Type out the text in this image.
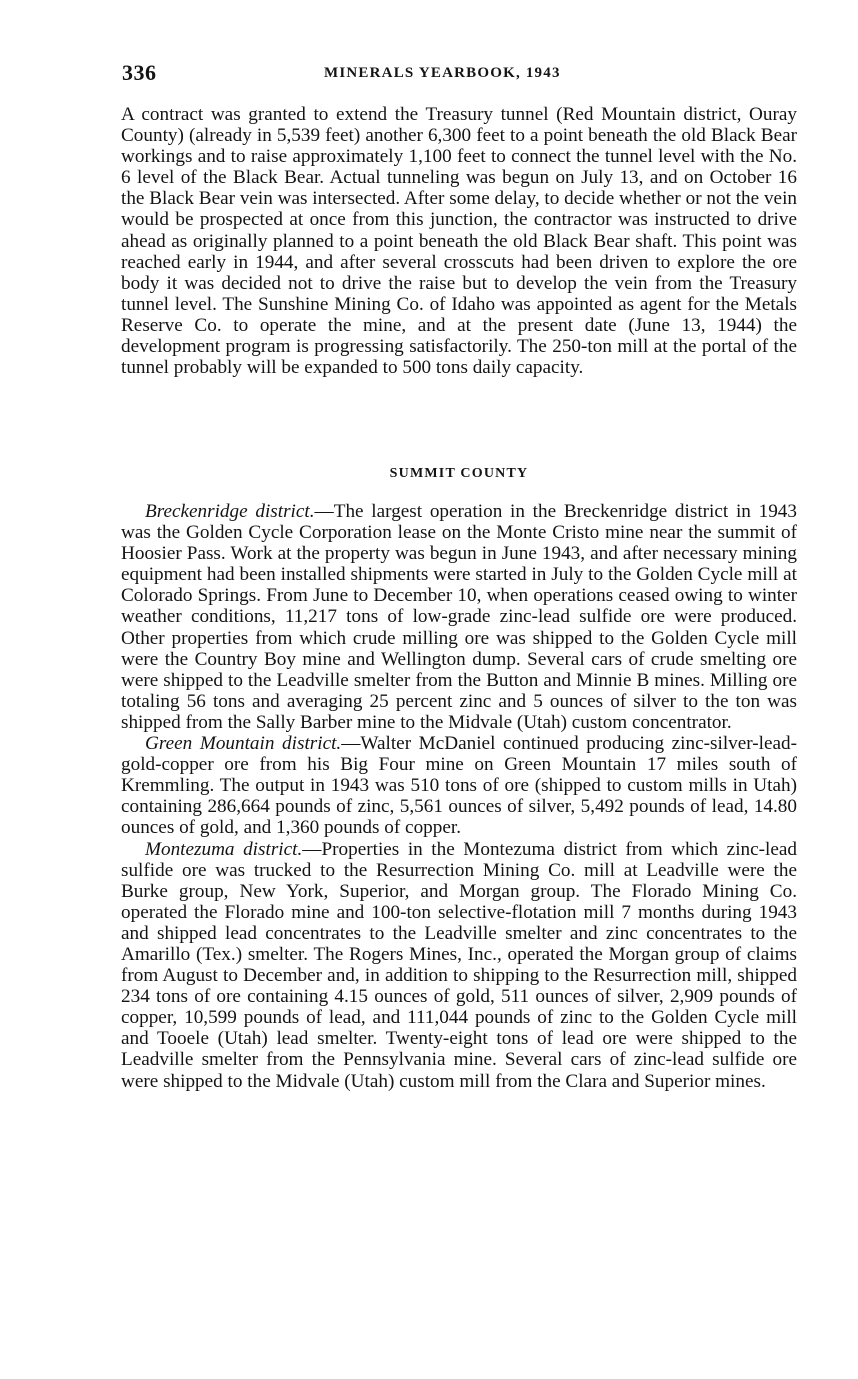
336	MINERALS YEARBOOK, 1943

A contract was granted to extend the Treasury tunnel (Red Mountain district, Ouray County) (already in 5,539 feet) another 6,300 feet to a point beneath the old Black Bear workings and to raise approximately 1,100 feet to connect the tunnel level with the No. 6 level of the Black Bear. Actual tunneling was begun on July 13, and on October 16 the Black Bear vein was intersected. After some delay, to decide whether or not the vein would be prospected at once from this junction, the contractor was instructed to drive ahead as originally planned to a point beneath the old Black Bear shaft. This point was reached early in 1944, and after several crosscuts had been driven to explore the ore body it was decided not to drive the raise but to develop the vein from the Treasury tunnel level. The Sunshine Mining Co. of Idaho was appointed as agent for the Metals Reserve Co. to operate the mine, and at the present date (June 13, 1944) the development program is progressing satisfactorily. The 250-ton mill at the portal of the tunnel probably will be expanded to 500 tons daily capacity.

SUMMIT COUNTY

Breckenridge district.—The largest operation in the Breckenridge district in 1943 was the Golden Cycle Corporation lease on the Monte Cristo mine near the summit of Hoosier Pass. Work at the property was begun in June 1943, and after necessary mining equipment had been installed shipments were started in July to the Golden Cycle mill at Colorado Springs. From June to December 10, when operations ceased owing to winter weather conditions, 11,217 tons of low-grade zinc-lead sulfide ore were produced. Other properties from which crude milling ore was shipped to the Golden Cycle mill were the Country Boy mine and Wellington dump. Several cars of crude smelting ore were shipped to the Leadville smelter from the Button and Minnie B mines. Milling ore totaling 56 tons and averaging 25 percent zinc and 5 ounces of silver to the ton was shipped from the Sally Barber mine to the Midvale (Utah) custom concentrator.

Green Mountain district.—Walter McDaniel continued producing zinc-silver-lead-gold-copper ore from his Big Four mine on Green Mountain 17 miles south of Kremmling. The output in 1943 was 510 tons of ore (shipped to custom mills in Utah) containing 286,664 pounds of zinc, 5,561 ounces of silver, 5,492 pounds of lead, 14.80 ounces of gold, and 1,360 pounds of copper.

Montezuma district.—Properties in the Montezuma district from which zinc-lead sulfide ore was trucked to the Resurrection Mining Co. mill at Leadville were the Burke group, New York, Superior, and Morgan group. The Florado Mining Co. operated the Florado mine and 100-ton selective-flotation mill 7 months during 1943 and shipped lead concentrates to the Leadville smelter and zinc concentrates to the Amarillo (Tex.) smelter. The Rogers Mines, Inc., operated the Morgan group of claims from August to December and, in addition to shipping to the Resurrection mill, shipped 234 tons of ore containing 4.15 ounces of gold, 511 ounces of silver, 2,909 pounds of copper, 10,599 pounds of lead, and 111,044 pounds of zinc to the Golden Cycle mill and Tooele (Utah) lead smelter. Twenty-eight tons of lead ore were shipped to the Leadville smelter from the Pennsylvania mine. Several cars of zinc-lead sulfide ore were shipped to the Midvale (Utah) custom mill from the Clara and Superior mines.
